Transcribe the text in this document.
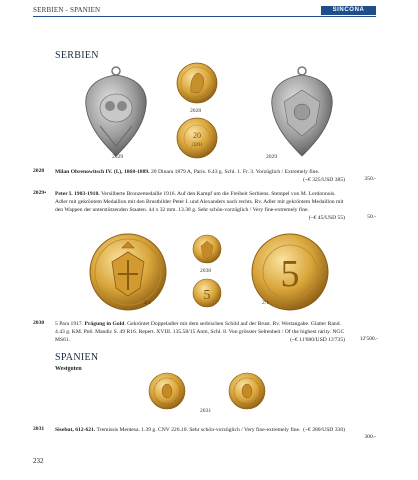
SERBIEN - SPANIEN	SINCONA
SERBIEN
2028
20
ДИН
2029	2029
2028 Milan Obrenowitsch IV. (I.), 1868-1889. 20 Dinara 1879 A, Paris. 6.43 g. Schl. 1. Fr. 3. Vorzüglich / Extremely fine.
(~€ 325/USD 385)	350.-
2029• Peter I. 1903-1918. Versilberte Bronzemedaille 1916. Auf den Kampf um die Freiheit Serbiens. Stempel von M. Lordonnois. Adler mit gekröntem Medaillon mit den Brustbilder Peter I. und Alexanders nach rechts. Rv. Adler mit gekröntem Medaillon mit den Wappen der unterstützenden Staaten. 44 x 32 mm. 13.38 g. Sehr schön-vorzüglich / Very fine-extremely fine.
(~€ 45/USD 55)	50.-
2:1
2030
5
5
2:1
2030 5 Para 1917. Prägung in Gold. Gekröntet Doppeladler mit dem serbischen Schild auf der Brust. Rv. Wertangabe. Glatter Rand. 4.43 g. KM. Pn6. Mandic S. 49 R16. Repert. XVIII. 135.58/15 Anm, Schl. 8. Von grösster Seltenheit / Of the highest rarity. NGC MS61.	(~€ 11'680/USD 13'735)	12'500.-
SPANIEN
Westgoten
2031
2031 Sisebut, 612-621. Tremissis Mentesa. 1.39 g. CNV 226.10. Sehr schön-vorzüglich / Very fine-extremely fine. (~€ 280/USD 330)
300.-
232
